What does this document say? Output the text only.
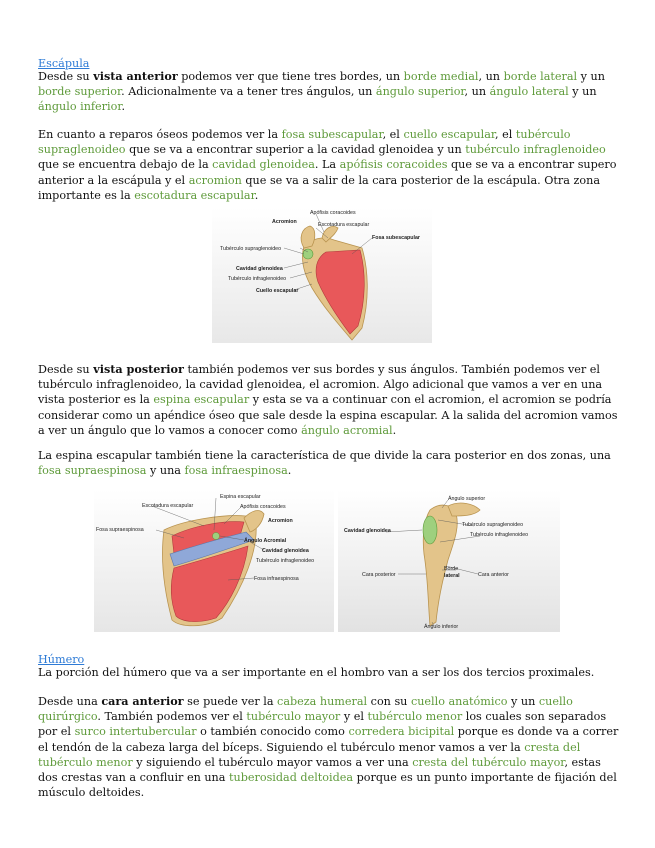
Escápula

Desde su vista anterior podemos ver que tiene tres bordes, un borde medial, un borde lateral y un borde superior. Adicionalmente va a tener tres ángulos, un ángulo superior, un ángulo lateral y un ángulo inferior.

En cuanto a reparos óseos podemos ver la fosa subescapular, el cuello escapular, el tubérculo supraglenoideo que se va a encontrar superior a la cavidad glenoidea y un tubérculo infraglenoideo que se encuentra debajo de la cavidad glenoidea. La apófisis coracoides que se va a encontrar supero anterior a la escápula y el acromion que se va a salir de la cara posterior de la escápula. Otra zona importante es la escotadura escapular.

Apófisis coracoides
Acromion	Escotadura escapular
Fosa subescapular
Tubérculo supraglenoideo
Cavidad glenoidea
Tubérculo infraglenoideo
Cuello escapular

Desde su vista posterior también podemos ver sus bordes y sus ángulos. También podemos ver el tubérculo infraglenoideo, la cavidad glenoidea, el acromion. Algo adicional que vamos a ver en una vista posterior es la espina escapular y esta se va a continuar con el acromion, el acromion se podría considerar como un apéndice óseo que sale desde la espina escapular. A la salida del acromion vamos a ver un ángulo que lo vamos a conocer como ángulo acromial.

La espina escapular también tiene la característica de que divide la cara posterior en dos zonas, una fosa supraespinosa y una fosa infraespinosa.

Espina escapular
Escotadura escapular	Apófisis coracoides
Acromion
Fosa supraespinosa
Ángulo Acromial
Cavidad glenoidea
Tubérculo infraglenoideo
Fosa infraespinosa
Ángulo superior
Cavidad glenoidea
Tubérculo supraglenoideo
Tubérculo infraglenoideo
Cara posterior
Borde
lateral	Cara anterior
Ángulo inferior
Húmero

La porción del húmero que va a ser importante en el hombro van a ser los dos tercios proximales.

Desde una cara anterior se puede ver la cabeza humeral con su cuello anatómico y un cuello quirúrgico. También podemos ver el tubérculo mayor y el tubérculo menor los cuales son separados por el surco intertubercular o también conocido como corredera bicipital porque es donde va a correr el tendón de la cabeza larga del bíceps. Siguiendo el tubérculo menor vamos a ver la cresta del tubérculo menor y siguiendo el tubérculo mayor vamos a ver una cresta del tubérculo mayor, estas dos crestas van a confluir en una tuberosidad deltoidea porque es un punto importante de fijación del músculo deltoides.
